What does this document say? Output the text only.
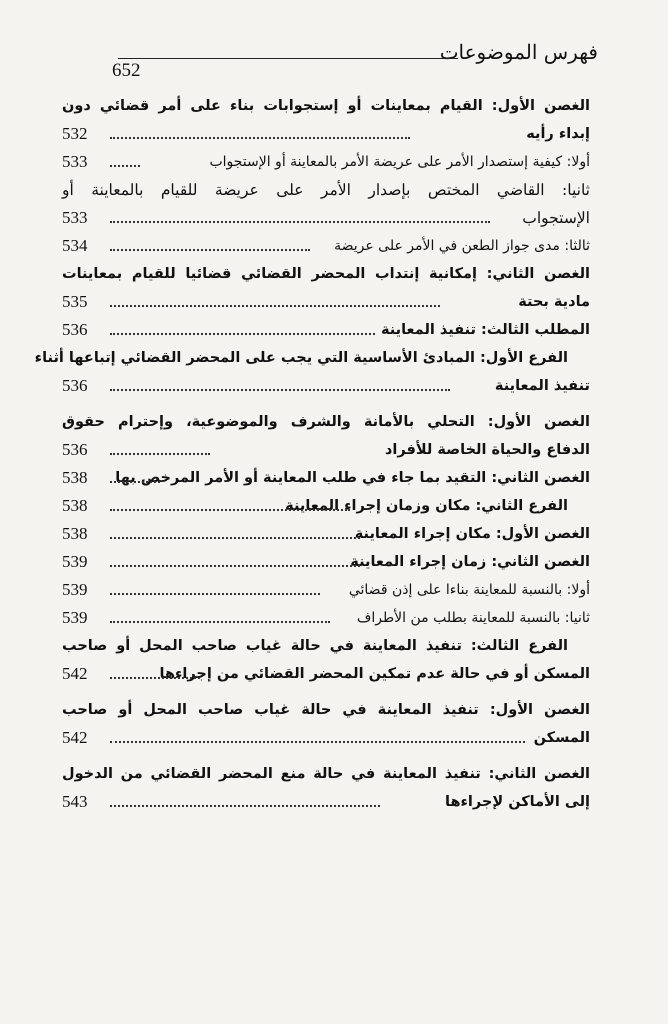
فهرس الموضوعات
652
الغصن الأول: القيام بمعاينات أو إستجوابات بناء على أمر قضائي دون
إبداء رأيه
532
أولا: كيفية إستصدار الأمر على عريضة الأمر بالمعاينة أو الإستجواب
533
ثانيا: القاضي المختص بإصدار الأمر على عريضة للقيام بالمعاينة أو
الإستجواب
533
ثالثا: مدى جواز الطعن في الأمر على عريضة
534
الغصن الثاني: إمكانية إنتداب المحضر القضائي قضائيا للقيام بمعاينات
مادية بحتة
535
المطلب الثالث: تنفيذ المعاينة
536
الفرع الأول: المبادئ الأساسية التي يجب على المحضر القضائي إتباعها أثناء
تنفيذ المعاينة
536
الغصن الأول: التحلي بالأمانة والشرف والموضوعية، وإحترام حقوق
الدفاع والحياة الخاصة للأفراد
536
الغصن الثاني: التقيد بما جاء في طلب المعاينة أو الأمر المرخص بها
538
الفرع الثاني: مكان وزمان إجراء المعاينة
538
الغصن الأول: مكان إجراء المعاينة
538
الغصن الثاني: زمان إجراء المعاينة
539
أولا: بالنسبة للمعاينة بناءا على إذن قضائي
539
ثانيا: بالنسبة للمعاينة بطلب من الأطراف
539
الفرع الثالث: تنفيذ المعاينة في حالة غياب صاحب المحل أو صاحب
المسكن أو في حالة عدم تمكين المحضر القضائي من إجراءها
542
الغصن الأول: تنفيذ المعاينة في حالة غياب صاحب المحل أو صاحب
المسكن
542
الغصن الثاني: تنفيذ المعاينة في حالة منع المحضر القضائي من الدخول
إلى الأماكن لإجراءها
543
